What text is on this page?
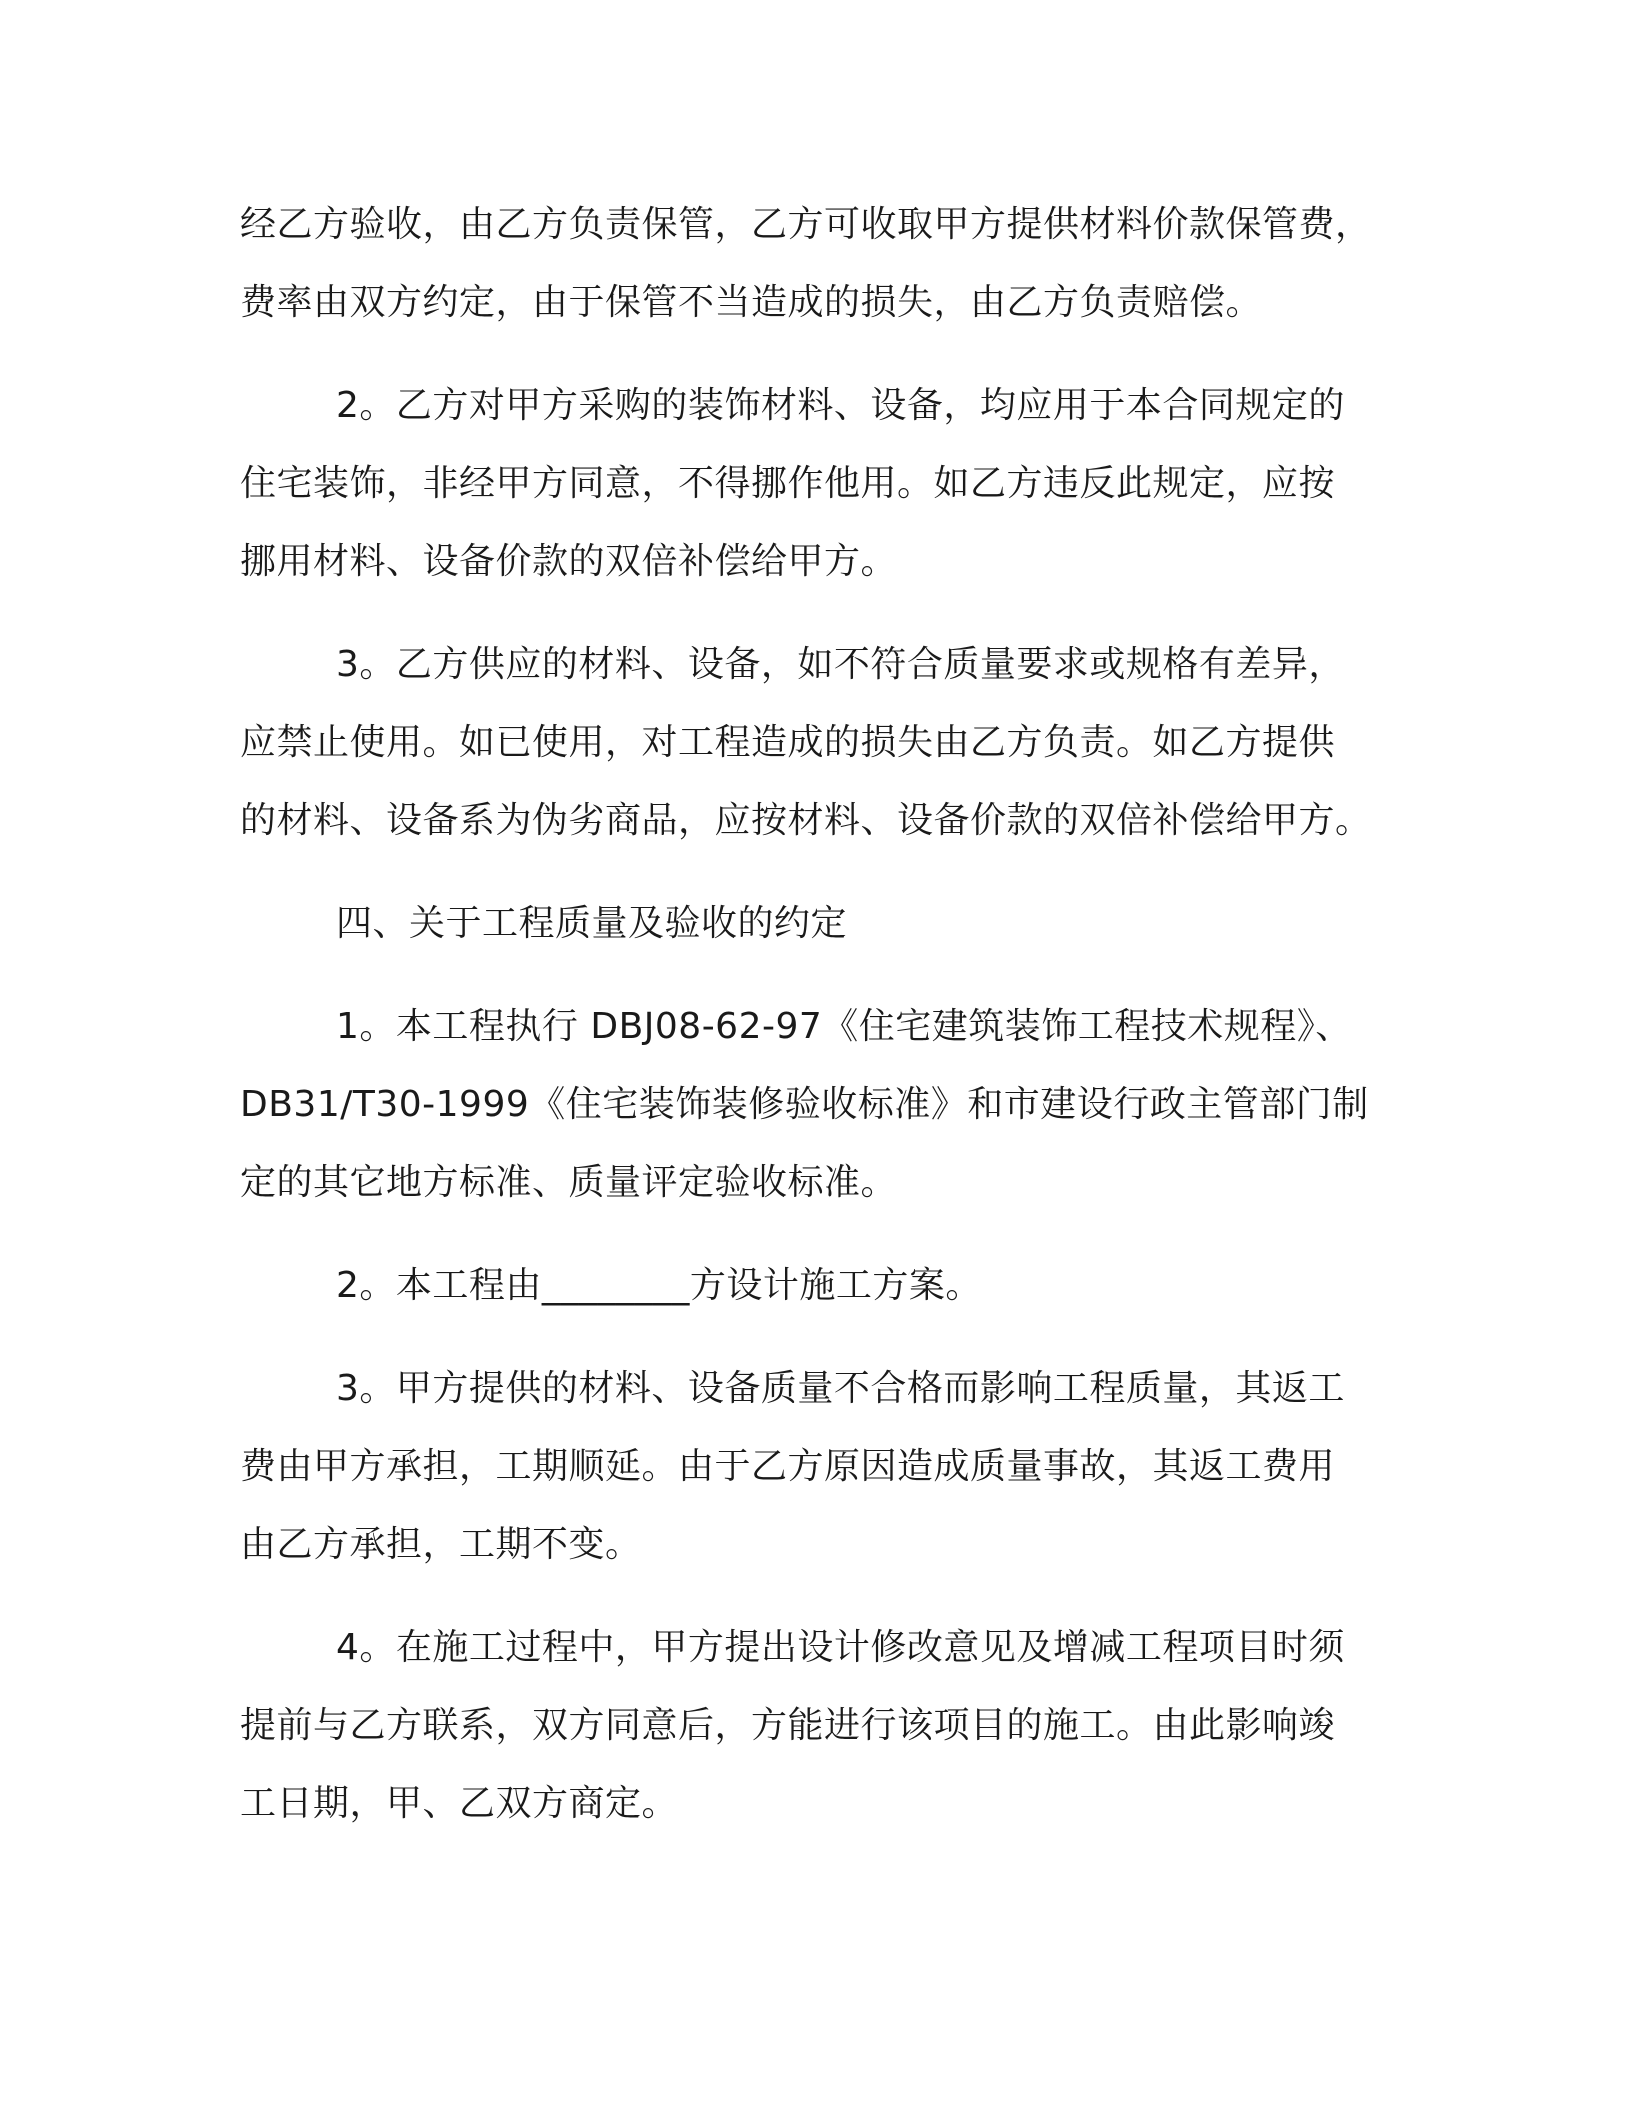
经乙方验收，由乙方负责保管，乙方可收取甲方提供材料价款保管费，
费率由双方约定，由于保管不当造成的损失，由乙方负责赔偿。
2。乙方对甲方采购的装饰材料、设备，均应用于本合同规定的
住宅装饰，非经甲方同意，不得挪作他用。如乙方违反此规定，应按
挪用材料、设备价款的双倍补偿给甲方。
3。乙方供应的材料、设备，如不符合质量要求或规格有差异，
应禁止使用。如已使用，对工程造成的损失由乙方负责。如乙方提供
的材料、设备系为伪劣商品，应按材料、设备价款的双倍补偿给甲方。
四、关于工程质量及验收的约定
1。本工程执行 DBJ08-62-97《住宅建筑装饰工程技术规程》、
DB31/T30-1999《住宅装饰装修验收标准》和市建设行政主管部门制
定的其它地方标准、质量评定验收标准。
2。本工程由________方设计施工方案。
3。甲方提供的材料、设备质量不合格而影响工程质量，其返工
费由甲方承担，工期顺延。由于乙方原因造成质量事故，其返工费用
由乙方承担，工期不变。
4。在施工过程中，甲方提出设计修改意见及增减工程项目时须
提前与乙方联系，双方同意后，方能进行该项目的施工。由此影响竣
工日期，甲、乙双方商定。
